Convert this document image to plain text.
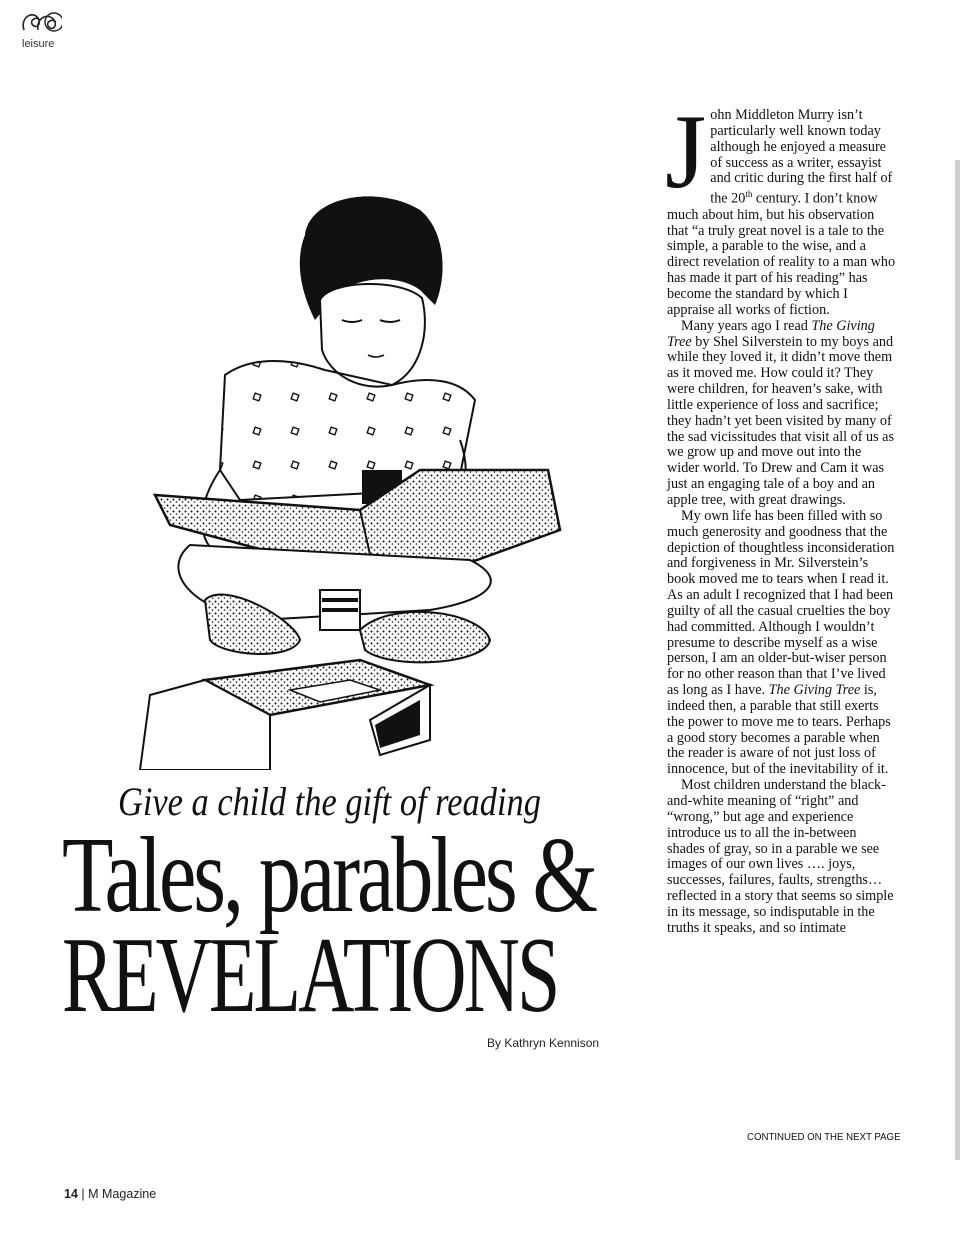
leisure
Give a child the gift of reading
Tales, parables &
REVELATIONS
By Kathryn Kennison

John Middleton Murry isn’t particularly well known today although he enjoyed a measure of success as a writer, essayist and critic during the first half of the 20th century. I don’t know much about him, but his observation that “a truly great novel is a tale to the simple, a parable to the wise, and a direct revelation of reality to a man who has made it part of his reading” has become the standard by which I appraise all works of fiction.

Many years ago I read The Giving Tree by Shel Silverstein to my boys and while they loved it, it didn’t move them as it moved me. How could it? They were children, for heaven’s sake, with little experience of loss and sacrifice; they hadn’t yet been visited by many of the sad vicissitudes that visit all of us as we grow up and move out into the wider world. To Drew and Cam it was just an engaging tale of a boy and an apple tree, with great drawings.

My own life has been filled with so much generosity and goodness that the depiction of thoughtless inconsideration and forgiveness in Mr. Silverstein’s book moved me to tears when I read it. As an adult I recognized that I had been guilty of all the casual cruelties the boy had committed. Although I wouldn’t presume to describe myself as a wise person, I am an older-but-wiser person for no other reason than that I’ve lived as long as I have. The Giving Tree is, indeed then, a parable that still exerts the power to move me to tears. Perhaps a good story becomes a parable when the reader is aware of not just loss of innocence, but of the inevitability of it.

Most children understand the black-and-white meaning of “right” and “wrong,” but age and experience introduce us to all the in-between shades of gray, so in a parable we see images of our own lives …. joys, successes, failures, faults, strengths… reflected in a story that seems so simple in its message, so indisputable in the truths it speaks, and so intimate

CONTINUED ON THE NEXT PAGE
14 | M Magazine
